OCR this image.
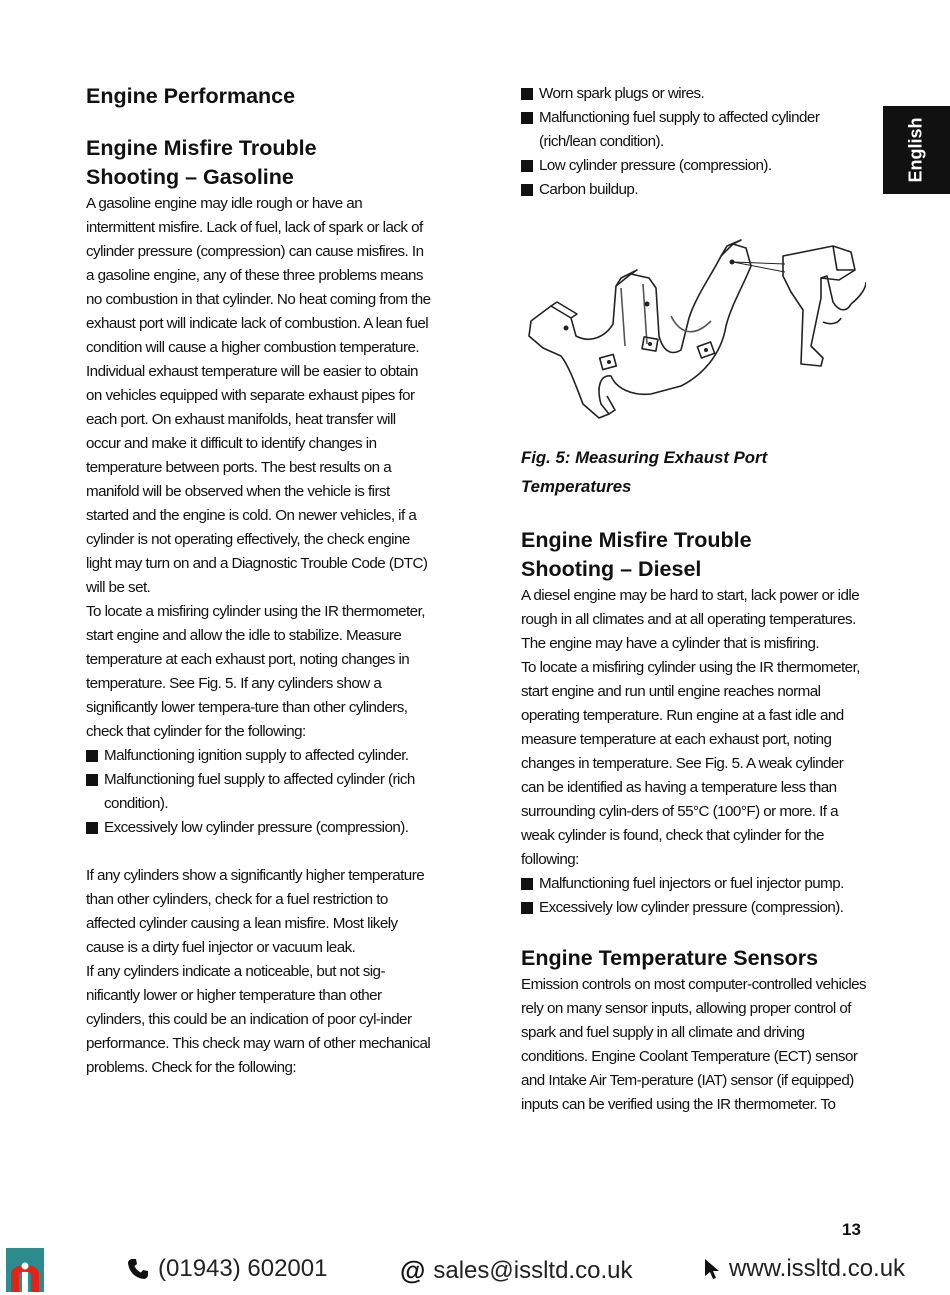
Engine Performance
Engine Misfire Trouble
Shooting – Gasoline

A gasoline engine may idle rough or have an intermittent misfire. Lack of fuel, lack of spark or lack of cylinder pressure (compression) can cause misfires. In a gasoline engine, any of these three problems means no combustion in that cylinder. No heat coming from the exhaust port will indicate lack of combustion. A lean fuel condition will cause a higher combustion temperature. Individual exhaust temperature will be easier to obtain on vehicles equipped with separate exhaust pipes for each port. On exhaust manifolds, heat transfer will occur and make it difficult to identify changes in temperature between ports. The best results on a manifold will be observed when the vehicle is first started and the engine is cold. On newer vehicles, if a cylinder is not operating effectively, the check engine light may turn on and a Diagnostic Trouble Code (DTC) will be set.

To locate a misfiring cylinder using the IR thermometer, start engine and allow the idle to stabilize. Measure temperature at each exhaust port, noting changes in temperature. See Fig. 5. If any cylinders show a significantly lower tempera-ture than other cylinders, check that cylinder for the following:

Malfunctioning ignition supply to affected cylinder.
Malfunctioning fuel supply to affected cylinder (rich condition).
Excessively low cylinder pressure (compression).

If any cylinders show a significantly higher temperature than other cylinders, check for a fuel restriction to affected cylinder causing a lean misfire. Most likely cause is a dirty fuel injector or vacuum leak.

If any cylinders indicate a noticeable, but not sig-nificantly lower or higher temperature than other cylinders, this could be an indication of poor cyl-inder performance. This check may warn of other mechanical problems. Check for the following:

Worn spark plugs or wires.
Malfunctioning fuel supply to affected cylinder (rich/lean condition).
Low cylinder pressure (compression).
Carbon buildup.

Fig. 5: Measuring Exhaust Port
Temperatures

Engine Misfire Trouble
Shooting – Diesel

A diesel engine may be hard to start, lack power or idle rough in all climates and at all operating temperatures. The engine may have a cylinder that is misfiring.

To locate a misfiring cylinder using the IR thermometer, start engine and run until engine reaches normal operating temperature. Run engine at a fast idle and measure temperature at each exhaust port, noting changes in temperature. See Fig. 5. A weak cylinder can be identified as having a temperature less than surrounding cylin-ders of 55°C (100°F) or more. If a weak cylinder is found, check that cylinder for the following:

Malfunctioning fuel injectors or fuel injector pump.
Excessively low cylinder pressure (compression).
Engine Temperature Sensors

Emission controls on most computer-controlled vehicles rely on many sensor inputs, allowing proper control of spark and fuel supply in all climate and driving conditions. Engine Coolant Temperature (ECT) sensor and Intake Air Tem-perature (IAT) sensor (if equipped) inputs can be verified using the IR thermometer. To

English
13
(01943) 602001	@ sales@issltd.co.uk	www.issltd.co.uk
